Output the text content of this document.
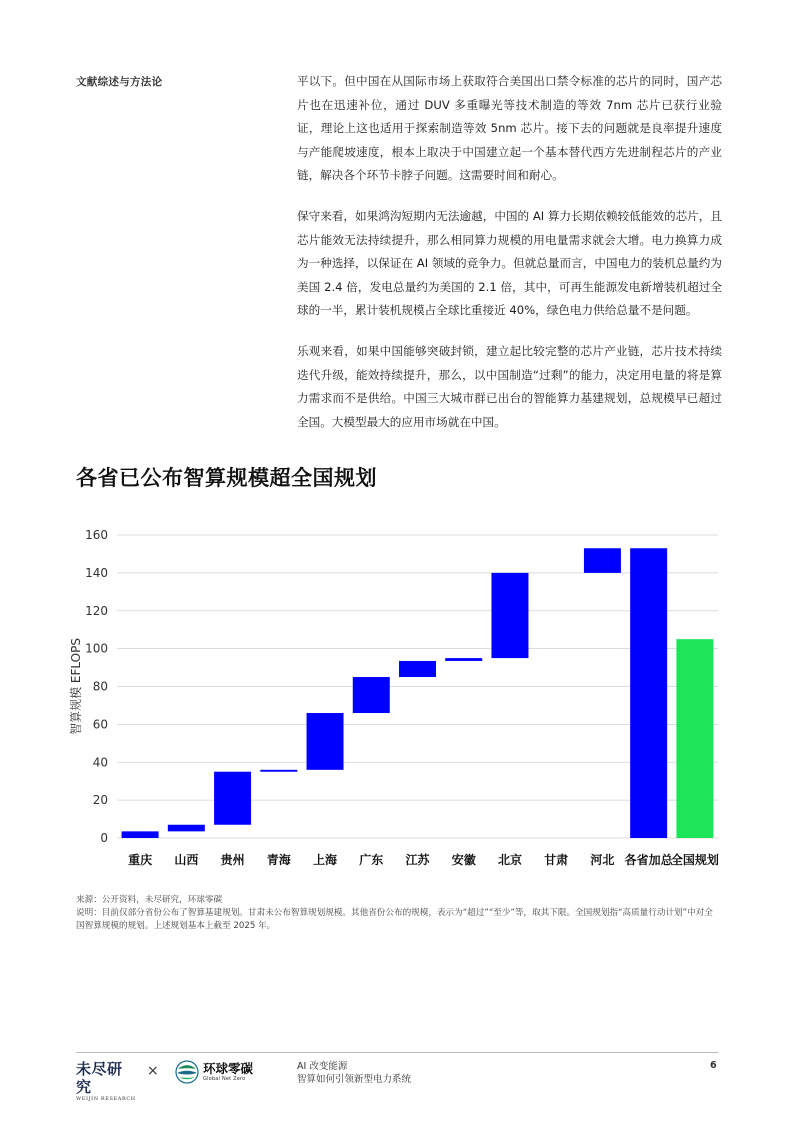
文献综述与方法论	平以下。但中国在从国际市场上获取符合美国出口禁令标准的芯片的同时，国产芯片也在迅速补位，通过 DUV 多重曝光等技术制造的等效 7nm 芯片已获行业验证，理论上这也适用于探索制造等效 5nm 芯片。接下去的问题就是良率提升速度与产能爬坡速度，根本上取决于中国建立起一个基本替代西方先进制程芯片的产业链，解决各个环节卡脖子问题。这需要时间和耐心。

保守来看，如果鸿沟短期内无法逾越，中国的 AI 算力长期依赖较低能效的芯片，且芯片能效无法持续提升，那么相同算力规模的用电量需求就会大增。电力换算力成为一种选择，以保证在 AI 领域的竞争力。但就总量而言，中国电力的装机总量约为美国 2.4 倍，发电总量约为美国的 2.1 倍，其中，可再生能源发电新增装机超过全球的一半，累计装机规模占全球比重接近 40%，绿色电力供给总量不是问题。

乐观来看，如果中国能够突破封锁，建立起比较完整的芯片产业链，芯片技术持续迭代升级，能效持续提升，那么，以中国制造“过剩”的能力，决定用电量的将是算力需求而不是供给。中国三大城市群已出台的智能算力基建规划，总规模早已超过全国。大模型最大的应用市场就在中国。

各省已公布智算规模超全国规划
0
20
40
60
80
100
120
140
160
智算规模 EFLOPS
重庆 山西 贵州 青海 上海 广东 江苏 安徽 北京 甘肃 河北 各省加总
全国规划
来源：公开资料，未尽研究，环球零碳
说明：目前仅部分省份公布了智算基建规划。甘肃未公布智算规划规模。其他省份公布的规模，表示为“超过”“至少”等，取其下限。全国规划指“高质量行动计划”中对全国智算规模的规划。上述规划基本上截至 2025 年。
未尽研究
WEIJIN RESEARCH
×	环球零碳
Global Net Zero
AI 改变能源
智算如何引领新型电力系统
6
